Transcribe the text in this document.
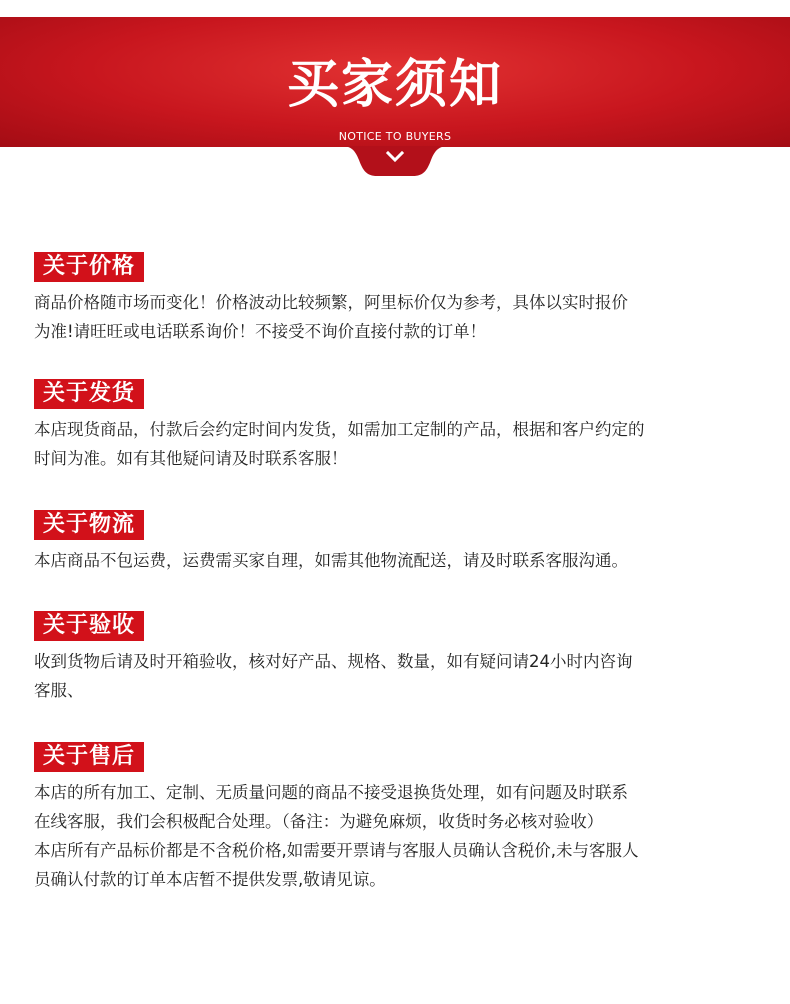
买家须知
NOTICE TO BUYERS
关于价格

商品价格随市场而变化！价格波动比较频繁，阿里标价仅为参考，具体以实时报价

为准!请旺旺或电话联系询价！不接受不询价直接付款的订单！

关于发货

本店现货商品，付款后会约定时间内发货，如需加工定制的产品，根据和客户约定的

时间为准。如有其他疑问请及时联系客服！

关于物流

本店商品不包运费，运费需买家自理，如需其他物流配送，请及时联系客服沟通。

关于验收

收到货物后请及时开箱验收，核对好产品、规格、数量，如有疑问请24小时内咨询

客服、

关于售后

本店的所有加工、定制、无质量问题的商品不接受退换货处理，如有问题及时联系

在线客服，我们会积极配合处理。（备注：为避免麻烦，收货时务必核对验收）

本店所有产品标价都是不含税价格,如需要开票请与客服人员确认含税价,未与客服人

员确认付款的订单本店暂不提供发票,敬请见谅。
